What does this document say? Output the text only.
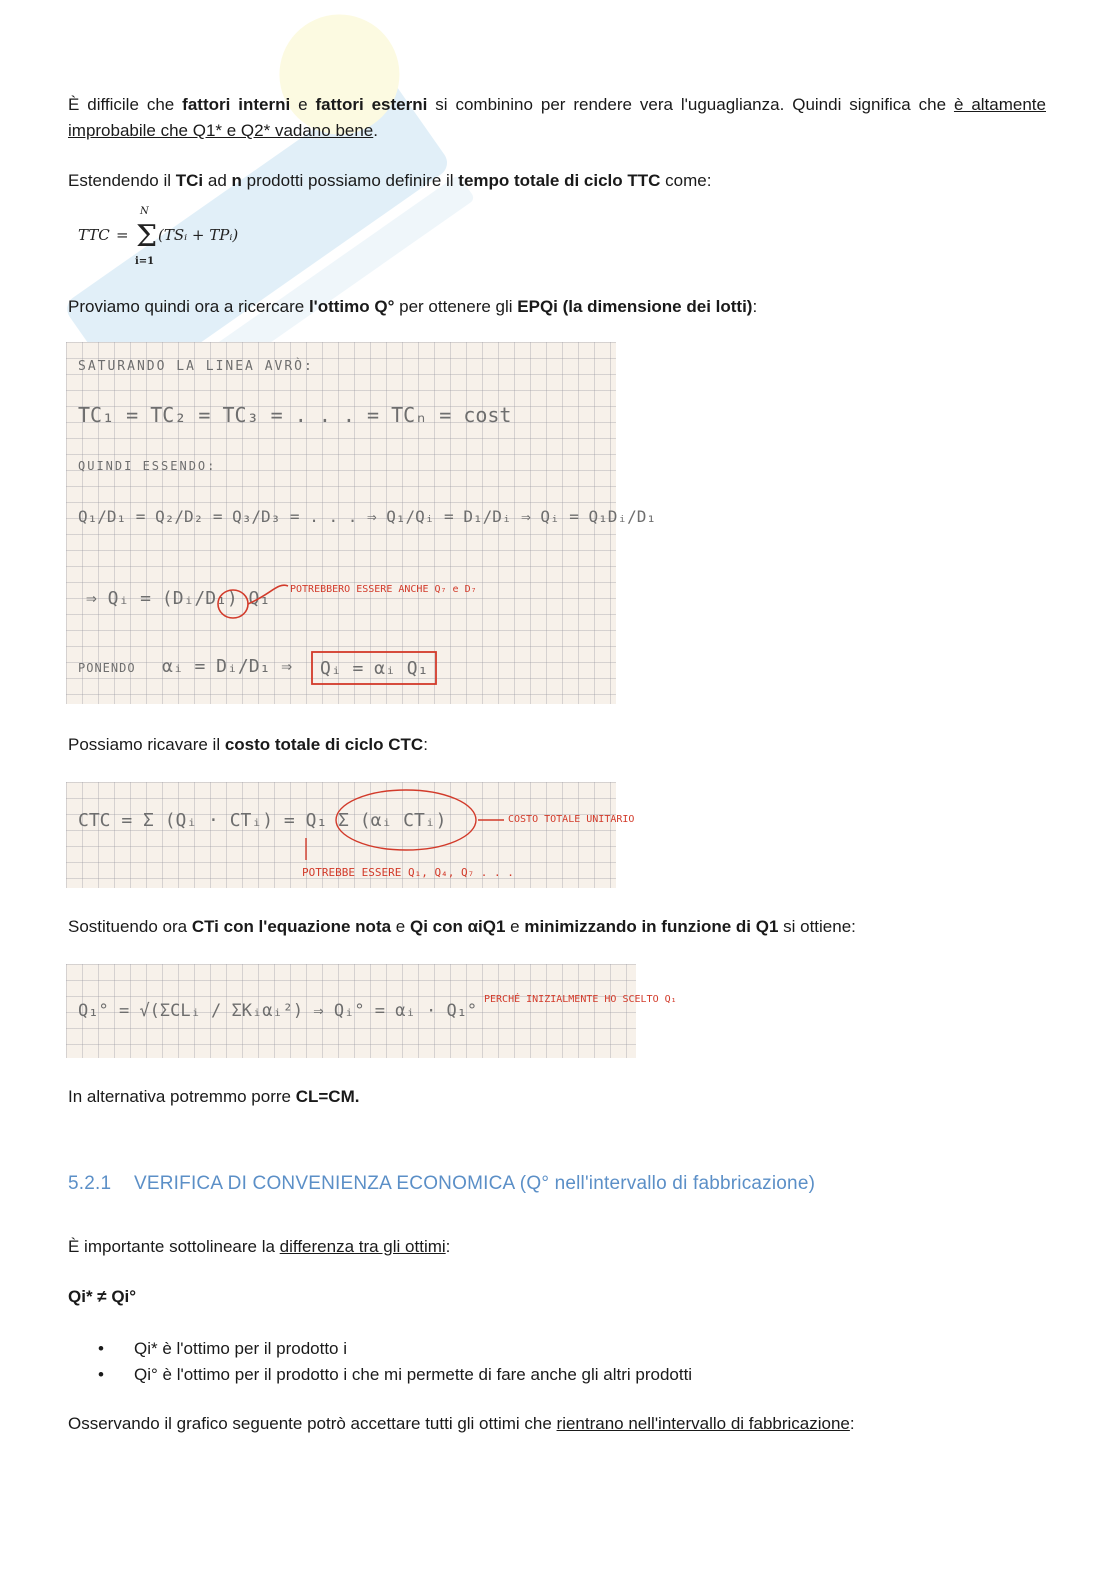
È difficile che fattori interni e fattori esterni si combinino per rendere vera l'uguaglianza. Quindi significa che è altamente improbabile che Q1* e Q2* vadano bene.

Estendendo il TCi ad n prodotti possiamo definire il tempo totale di ciclo TTC come:

TTC =
N
Σ
i=1
(TSᵢ + TPᵢ)

Proviamo quindi ora a ricercare l'ottimo Q° per ottenere gli EPQi (la dimensione dei lotti):

SATURANDO LA LINEA AVRÒ:
TC₁ = TC₂ = TC₃ = . . . = TCₙ = cost
QUINDI ESSENDO:
Q₁/D₁ = Q₂/D₂ = Q₃/D₃ = . . . ⇒ Q₁/Qᵢ = D₁/Dᵢ ⇒ Qᵢ = Q₁Dᵢ/D₁
⇒ Qᵢ = (Dᵢ/D₁) Q₁
PONENDO αᵢ = Dᵢ/D₁ ⇒
POTREBBERO ESSERE ANCHE Q₇ e D₇
Qᵢ = αᵢ Q₁

Possiamo ricavare il costo totale di ciclo CTC:

CTC = Σ (Qᵢ · CTᵢ) = Q₁ Σ (αᵢ CTᵢ)	COSTO TOTALE UNITARIO
POTREBBE ESSERE Q₁, Q₄, Q₇ . . .

Sostituendo ora CTi con l'equazione nota e Qi con αiQ1 e minimizzando in funzione di Q1 si ottiene:

Q₁° = √(ΣCLᵢ / ΣKᵢαᵢ²) ⇒ Qᵢ° = αᵢ · Q₁°
PERCHÉ INIZIALMENTE HO SCELTO Q₁

In alternativa potremmo porre CL=CM.

5.2.1 VERIFICA DI CONVENIENZA ECONOMICA (Q° nell'intervallo di fabbricazione)

È importante sottolineare la differenza tra gli ottimi:

Qi* ≠ Qi°

• Qi* è l'ottimo per il prodotto i
• Qi° è l'ottimo per il prodotto i che mi permette di fare anche gli altri prodotti

Osservando il grafico seguente potrò accettare tutti gli ottimi che rientrano nell'intervallo di fabbricazione:
